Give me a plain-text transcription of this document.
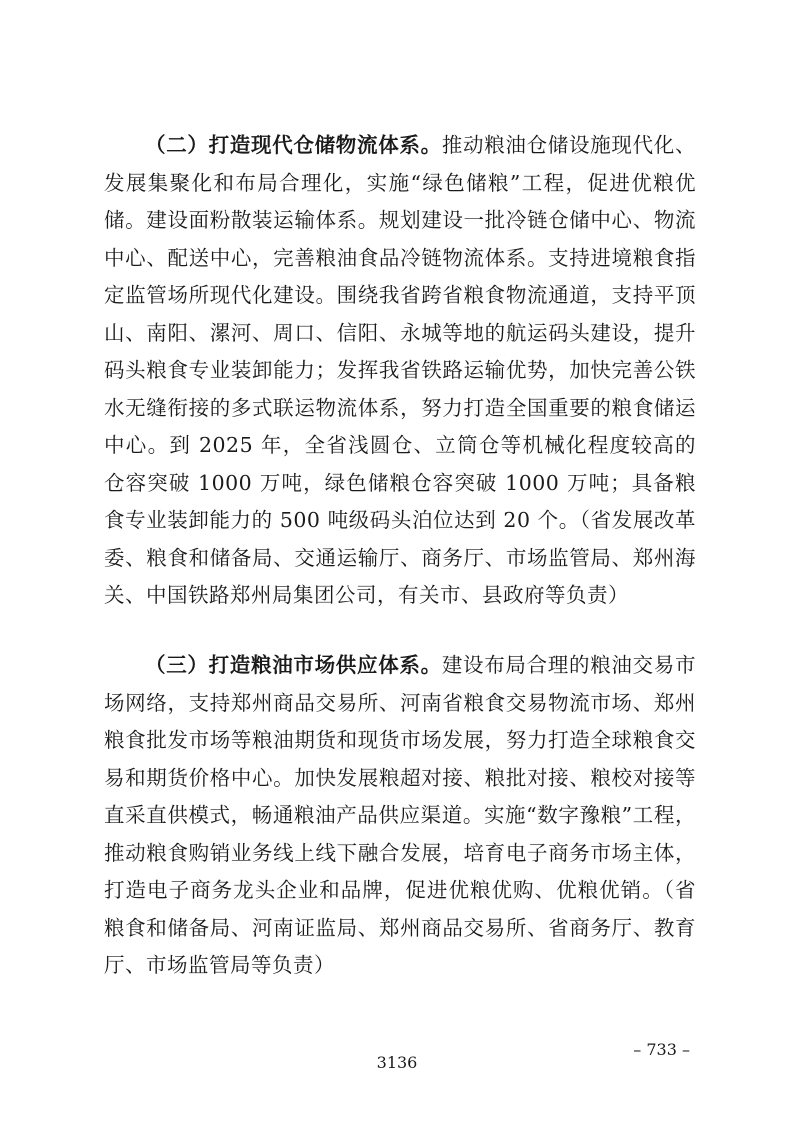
（二）打造现代仓储物流体系。推动粮油仓储设施现代化、发展集聚化和布局合理化，实施“绿色储粮”工程，促进优粮优储。建设面粉散装运输体系。规划建设一批冷链仓储中心、物流中心、配送中心，完善粮油食品冷链物流体系。支持进境粮食指定监管场所现代化建设。围绕我省跨省粮食物流通道，支持平顶山、南阳、漯河、周口、信阳、永城等地的航运码头建设，提升码头粮食专业装卸能力；发挥我省铁路运输优势，加快完善公铁水无缝衔接的多式联运物流体系，努力打造全国重要的粮食储运中心。到 2025 年，全省浅圆仓、立筒仓等机械化程度较高的仓容突破 1000 万吨，绿色储粮仓容突破 1000 万吨；具备粮食专业装卸能力的 500 吨级码头泊位达到 20 个。（省发展改革委、粮食和储备局、交通运输厅、商务厅、市场监管局、郑州海关、中国铁路郑州局集团公司，有关市、县政府等负责）

（三）打造粮油市场供应体系。建设布局合理的粮油交易市场网络，支持郑州商品交易所、河南省粮食交易物流市场、郑州粮食批发市场等粮油期货和现货市场发展，努力打造全球粮食交易和期货价格中心。加快发展粮超对接、粮批对接、粮校对接等直采直供模式，畅通粮油产品供应渠道。实施“数字豫粮”工程，推动粮食购销业务线上线下融合发展，培育电子商务市场主体，打造电子商务龙头企业和品牌，促进优粮优购、优粮优销。（省粮食和储备局、河南证监局、郑州商品交易所、省商务厅、教育厅、市场监管局等负责）

– 733 –
3136
